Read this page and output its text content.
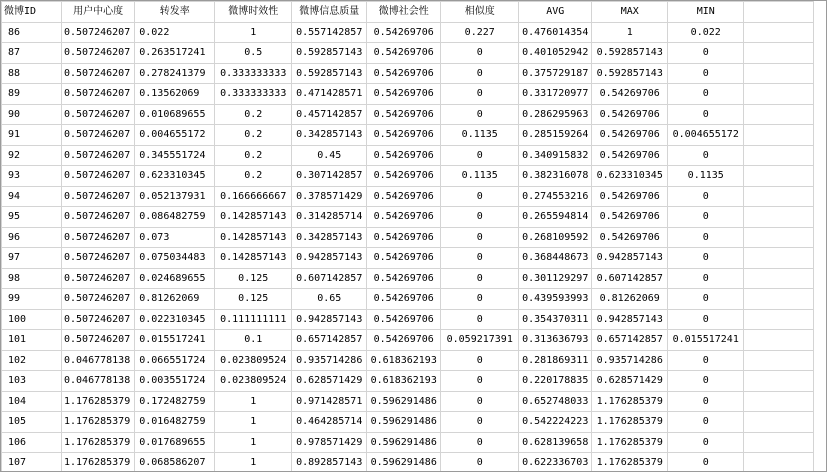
微博ID	用户中心度	转发率	微博时效性	微博信息质量	微博社会性	相似度	AVG	MAX	MIN	
86	0.507246207	0.022	1	0.557142857	0.54269706	0.227	0.476014354	1	0.022	
87	0.507246207	0.263517241	0.5	0.592857143	0.54269706	0	0.401052942	0.592857143	0	
88	0.507246207	0.278241379	0.333333333	0.592857143	0.54269706	0	0.375729187	0.592857143	0	
89	0.507246207	0.13562069	0.333333333	0.471428571	0.54269706	0	0.331720977	0.54269706	0	
90	0.507246207	0.010689655	0.2	0.457142857	0.54269706	0	0.286295963	0.54269706	0	
91	0.507246207	0.004655172	0.2	0.342857143	0.54269706	0.1135	0.285159264	0.54269706	0.004655172	
92	0.507246207	0.345551724	0.2	0.45	0.54269706	0	0.340915832	0.54269706	0	
93	0.507246207	0.623310345	0.2	0.307142857	0.54269706	0.1135	0.382316078	0.623310345	0.1135	
94	0.507246207	0.052137931	0.166666667	0.378571429	0.54269706	0	0.274553216	0.54269706	0	
95	0.507246207	0.086482759	0.142857143	0.314285714	0.54269706	0	0.265594814	0.54269706	0	
96	0.507246207	0.073	0.142857143	0.342857143	0.54269706	0	0.268109592	0.54269706	0	
97	0.507246207	0.075034483	0.142857143	0.942857143	0.54269706	0	0.368448673	0.942857143	0	
98	0.507246207	0.024689655	0.125	0.607142857	0.54269706	0	0.301129297	0.607142857	0	
99	0.507246207	0.81262069	0.125	0.65	0.54269706	0	0.439593993	0.81262069	0	
100	0.507246207	0.022310345	0.111111111	0.942857143	0.54269706	0	0.354370311	0.942857143	0	
101	0.507246207	0.015517241	0.1	0.657142857	0.54269706	0.059217391	0.313636793	0.657142857	0.015517241	
102	0.046778138	0.066551724	0.023809524	0.935714286	0.618362193	0	0.281869311	0.935714286	0	
103	0.046778138	0.003551724	0.023809524	0.628571429	0.618362193	0	0.220178835	0.628571429	0	
104	1.176285379	0.172482759	1	0.971428571	0.596291486	0	0.652748033	1.176285379	0	
105	1.176285379	0.016482759	1	0.464285714	0.596291486	0	0.542224223	1.176285379	0	
106	1.176285379	0.017689655	1	0.978571429	0.596291486	0	0.628139658	1.176285379	0	
107	1.176285379	0.068586207	1	0.892857143	0.596291486	0	0.622336703	1.176285379	0	
